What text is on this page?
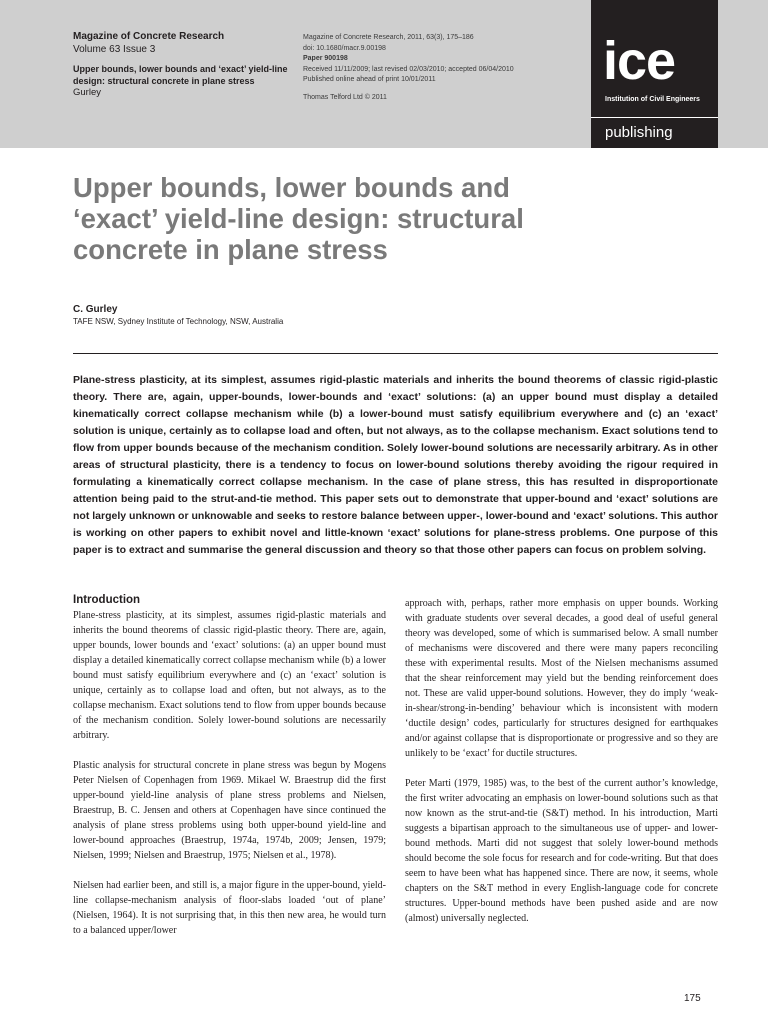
Magazine of Concrete Research
Volume 63 Issue 3
Upper bounds, lower bounds and ‘exact’ yield-line design: structural concrete in plane stress
Gurley
Magazine of Concrete Research, 2011, 63(3), 175–186
doi: 10.1680/macr.9.00198
Paper 900198
Received 11/11/2009; last revised 02/03/2010; accepted 06/04/2010
Published online ahead of print 10/01/2011
Thomas Telford Ltd © 2011
ice
Institution of Civil Engineers
publishing
Upper bounds, lower bounds and ‘exact’ yield-line design: structural concrete in plane stress
C. Gurley
TAFE NSW, Sydney Institute of Technology, NSW, Australia

Plane-stress plasticity, at its simplest, assumes rigid-plastic materials and inherits the bound theorems of classic rigid-plastic theory. There are, again, upper-bounds, lower-bounds and ‘exact’ solutions: (a) an upper bound must display a detailed kinematically correct collapse mechanism while (b) a lower-bound must satisfy equilibrium everywhere and (c) an ‘exact’ solution is unique, certainly as to collapse load and often, but not always, as to the collapse mechanism. Exact solutions tend to flow from upper bounds because of the mechanism condition. Solely lower-bound solutions are necessarily arbitrary. As in other areas of structural plasticity, there is a tendency to focus on lower-bound solutions thereby avoiding the rigour required in formulating a kinematically correct collapse mechanism. In the case of plane stress, this has resulted in disproportionate attention being paid to the strut-and-tie method. This paper sets out to demonstrate that upper-bound and ‘exact’ solutions are not largely unknown or unknowable and seeks to restore balance between upper-, lower-bound and ‘exact’ solutions. This author is working on other papers to exhibit novel and little-known ‘exact’ solutions for plane-stress problems. One purpose of this paper is to extract and summarise the general discussion and theory so that those other papers can focus on problem solving.

Introduction

Plane-stress plasticity, at its simplest, assumes rigid-plastic materials and inherits the bound theorems of classic rigid-plastic theory. There are, again, upper bounds, lower bounds and ‘exact’ solutions: (a) an upper bound must display a detailed kinematically correct collapse mechanism while (b) a lower bound must satisfy equilibrium everywhere and (c) an ‘exact’ solution is unique, certainly as to collapse load and often, but not always, as to the collapse mechanism. Exact solutions tend to flow from upper bounds because of the mechanism condition. Solely lower-bound solutions are necessarily arbitrary.

Plastic analysis for structural concrete in plane stress was begun by Mogens Peter Nielsen of Copenhagen from 1969. Mikael W. Braestrup did the first upper-bound yield-line analysis of plane stress problems and Nielsen, Braestrup, B. C. Jensen and others at Copenhagen have since continued the analysis of plane stress problems using both upper-bound yield-line and lower-bound approaches (Braestrup, 1974a, 1974b, 2009; Jensen, 1979; Nielsen, 1999; Nielsen and Braestrup, 1975; Nielsen et al., 1978).

Nielsen had earlier been, and still is, a major figure in the upper-bound, yield-line collapse-mechanism analysis of floor-slabs loaded ‘out of plane’ (Nielsen, 1964). It is not surprising that, in this then new area, he would turn to a balanced upper/lower

approach with, perhaps, rather more emphasis on upper bounds. Working with graduate students over several decades, a good deal of useful general theory was developed, some of which is summarised below. A small number of mechanisms were discovered and there were many papers reconciling these with experimental results. Most of the Nielsen mechanisms assumed that the shear reinforcement may yield but the bending reinforcement does not. These are valid upper-bound solutions. However, they do imply ‘weak-in-shear/strong-in-bending’ behaviour which is inconsistent with modern ‘ductile design’ codes, particularly for structures designed for earthquakes and/or against collapse that is disproportionate or progressive and so they are unlikely to be ‘exact’ for ductile structures.

Peter Marti (1979, 1985) was, to the best of the current author’s knowledge, the first writer advocating an emphasis on lower-bound solutions such as that now known as the strut-and-tie (S&T) method. In his introduction, Marti suggests a bipartisan approach to the simultaneous use of upper- and lower-bound methods. Marti did not suggest that solely lower-bound methods should become the sole focus for research and for code-writing. But that does seem to have been what has happened since. There are now, it seems, whole chapters on the S&T method in every English-language code for concrete structures. Upper-bound methods have been pushed aside and are now (almost) universally neglected.

175
